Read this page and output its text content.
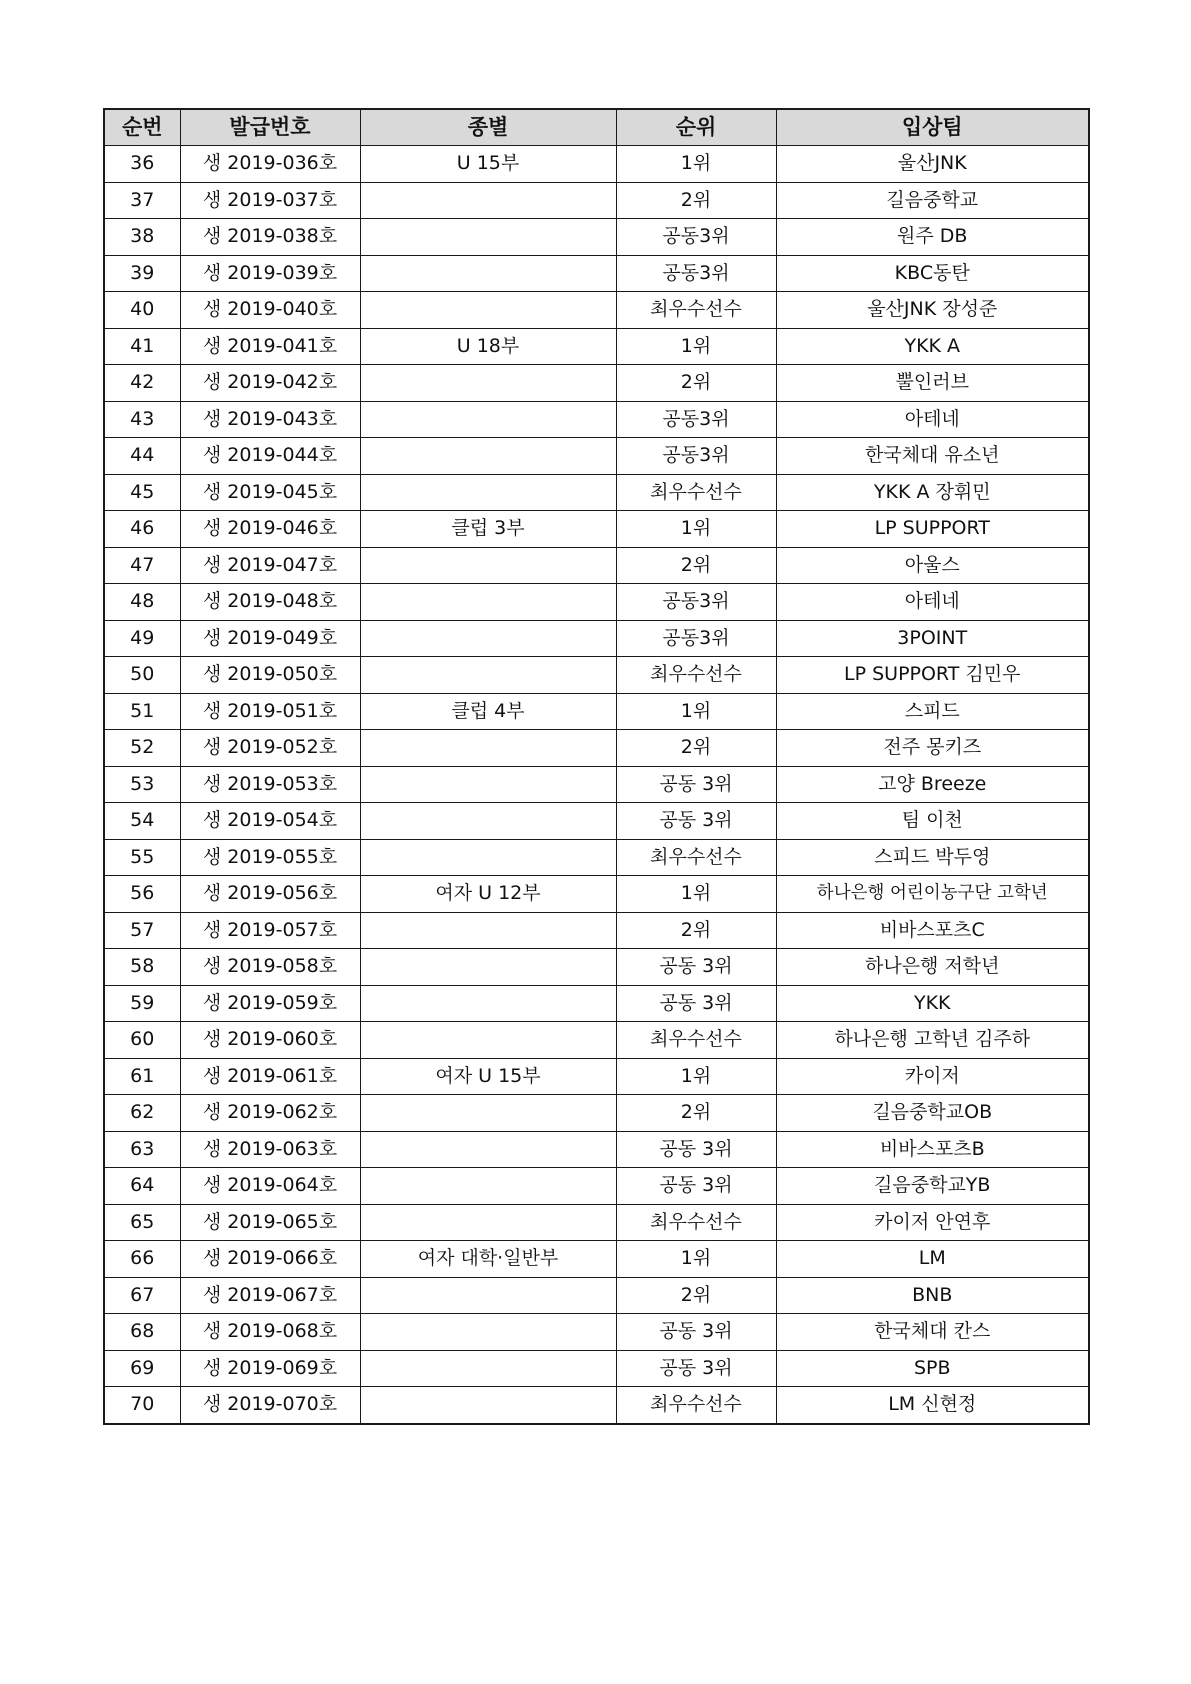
순번	발급번호	종별	순위	입상팀
36	생 2019-036호	U 15부	1위	울산JNK
37	생 2019-037호		2위	길음중학교
38	생 2019-038호		공동3위	원주 DB
39	생 2019-039호		공동3위	KBC동탄
40	생 2019-040호		최우수선수	울산JNK 장성준
41	생 2019-041호	U 18부	1위	YKK A
42	생 2019-042호		2위	뿔인러브
43	생 2019-043호		공동3위	아테네
44	생 2019-044호		공동3위	한국체대 유소년
45	생 2019-045호		최우수선수	YKK A 장휘민
46	생 2019-046호	클럽 3부	1위	LP SUPPORT
47	생 2019-047호		2위	아울스
48	생 2019-048호		공동3위	아테네
49	생 2019-049호		공동3위	3POINT
50	생 2019-050호		최우수선수	LP SUPPORT 김민우
51	생 2019-051호	클럽 4부	1위	스피드
52	생 2019-052호		2위	전주 몽키즈
53	생 2019-053호		공동 3위	고양 Breeze
54	생 2019-054호		공동 3위	팀 이천
55	생 2019-055호		최우수선수	스피드 박두영
56	생 2019-056호	여자 U 12부	1위	하나은행 어린이농구단 고학년
57	생 2019-057호		2위	비바스포츠C
58	생 2019-058호		공동 3위	하나은행 저학년
59	생 2019-059호		공동 3위	YKK
60	생 2019-060호		최우수선수	하나은행 고학년 김주하
61	생 2019-061호	여자 U 15부	1위	카이저
62	생 2019-062호		2위	길음중학교OB
63	생 2019-063호		공동 3위	비바스포츠B
64	생 2019-064호		공동 3위	길음중학교YB
65	생 2019-065호		최우수선수	카이저 안연후
66	생 2019-066호	여자 대학·일반부	1위	LM
67	생 2019-067호		2위	BNB
68	생 2019-068호		공동 3위	한국체대 칸스
69	생 2019-069호		공동 3위	SPB
70	생 2019-070호		최우수선수	LM 신현정
